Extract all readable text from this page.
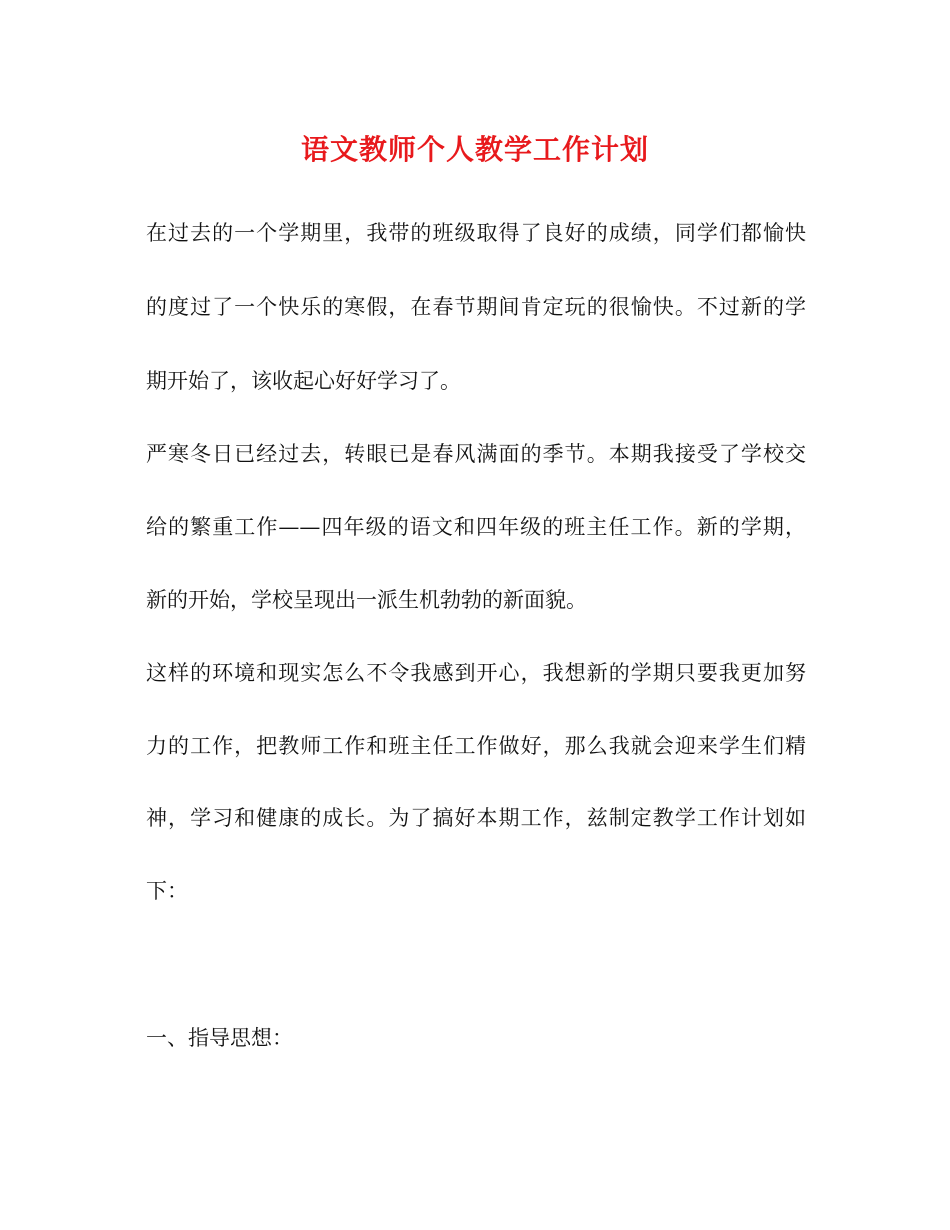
语文教师个人教学工作计划

在过去的一个学期里，我带的班级取得了良好的成绩，同学们都愉快

的度过了一个快乐的寒假，在春节期间肯定玩的很愉快。不过新的学

期开始了，该收起心好好学习了。

严寒冬日已经过去，转眼已是春风满面的季节。本期我接受了学校交

给的繁重工作——四年级的语文和四年级的班主任工作。新的学期，

新的开始，学校呈现出一派生机勃勃的新面貌。

这样的环境和现实怎么不令我感到开心，我想新的学期只要我更加努

力的工作，把教师工作和班主任工作做好，那么我就会迎来学生们精

神，学习和健康的成长。为了搞好本期工作，兹制定教学工作计划如

下：

一、指导思想：
